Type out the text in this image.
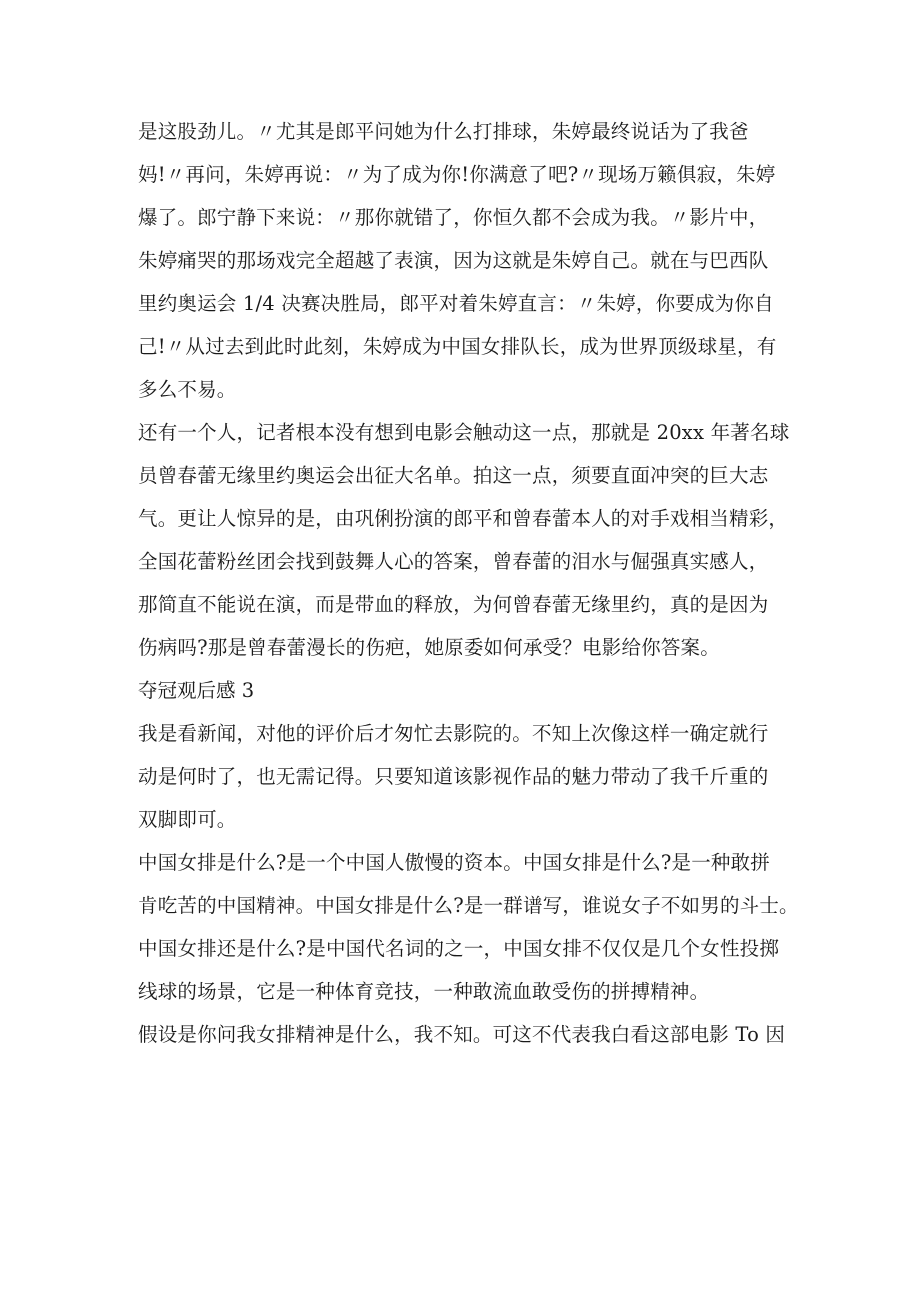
是这股劲儿。〃尤其是郎平问她为什么打排球，朱婷最终说话为了我爸
妈!〃再问，朱婷再说：〃为了成为你!你满意了吧?〃现场万籁俱寂，朱婷
爆了。郎宁静下来说：〃那你就错了，你恒久都不会成为我。〃影片中，
朱婷痛哭的那场戏完全超越了表演，因为这就是朱婷自己。就在与巴西队
里约奥运会 1/4 决赛决胜局，郎平对着朱婷直言：〃朱婷，你要成为你自
己!〃从过去到此时此刻，朱婷成为中国女排队长，成为世界顶级球星，有
多么不易。
还有一个人，记者根本没有想到电影会触动这一点，那就是 20xx 年著名球
员曾春蕾无缘里约奥运会出征大名单。拍这一点，须要直面冲突的巨大志
气。更让人惊异的是，由巩俐扮演的郎平和曾春蕾本人的对手戏相当精彩，
全国花蕾粉丝团会找到鼓舞人心的答案，曾春蕾的泪水与倔强真实感人，
那简直不能说在演，而是带血的释放，为何曾春蕾无缘里约，真的是因为
伤病吗?那是曾春蕾漫长的伤疤，她原委如何承受？电影给你答案。
夺冠观后感 3
我是看新闻，对他的评价后才匆忙去影院的。不知上次像这样一确定就行
动是何时了，也无需记得。只要知道该影视作品的魅力带动了我千斤重的
双脚即可。
中国女排是什么?是一个中国人傲慢的资本。中国女排是什么?是一种敢拼
肯吃苦的中国精神。中国女排是什么?是一群谱写，谁说女子不如男的斗士。
中国女排还是什么?是中国代名词的之一，中国女排不仅仅是几个女性投掷
线球的场景，它是一种体育竞技，一种敢流血敢受伤的拼搏精神。
假设是你问我女排精神是什么，我不知。可这不代表我白看这部电影 To 因
